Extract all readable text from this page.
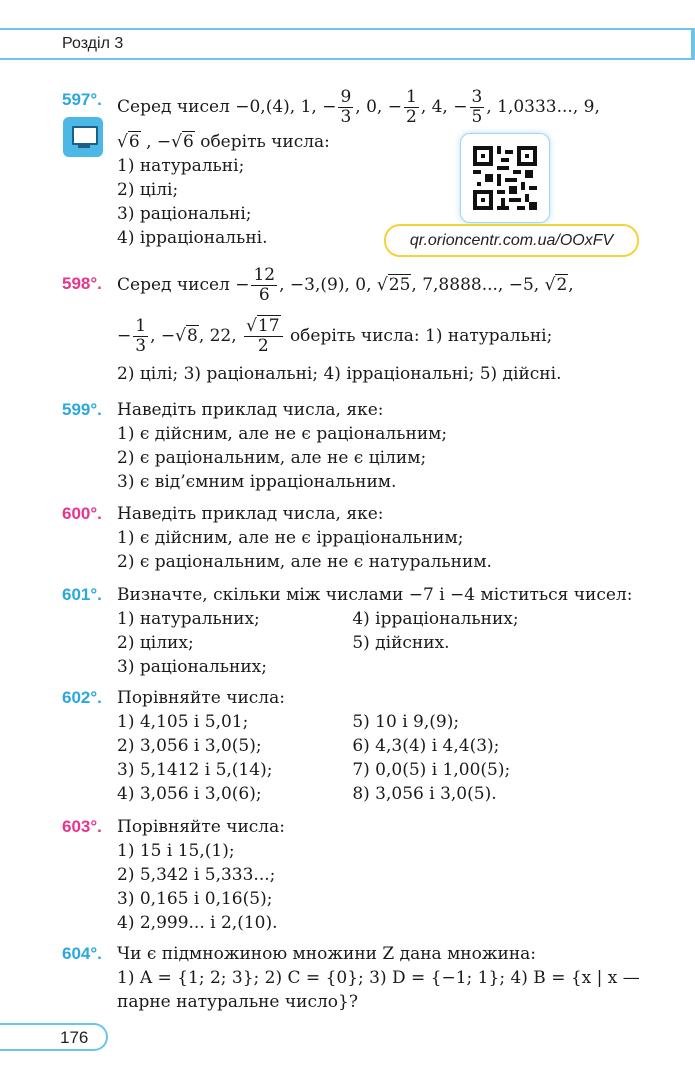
Розділ 3
qr.orioncentr.com.ua/OOxFV
597°. Серед чисел −0,(4), 1, − $\frac{9}{3}$ , 0, − $\frac{1}{2}$ , 4, − $\frac{3}{5}$ , 1,0333..., 9,
√6 , −√6 оберіть числа:
1) натуральні;
2) цілі;
3) раціональні;
4) ірраціональні.
598°. Серед чисел − $\frac{12}{6}$ , −3,(9), 0, √25, 7,8888..., −5, √2,
− $\frac{1}{3}$ , −√8, 22, $\frac{√17}{2}$ оберіть числа: 1) натуральні;
2) цілі; 3) раціональні; 4) ірраціональні; 5) дійсні.
599°. Наведіть приклад числа, яке:
1) є дійсним, але не є раціональним;
2) є раціональним, але не є цілим;
3) є від’ємним ірраціональним.
600°. Наведіть приклад числа, яке:
1) є дійсним, але не є ірраціональним;
2) є раціональним, але не є натуральним.
601°. Визначте, скільки між числами −7 і −4 міститься чисел:
1) натуральних;
2) цілих;
3) раціональних;
4) ірраціональних;
5) дійсних.
602°. Порівняйте числа:
1) 4,105 і 5,01;
2) 3,056 і 3,0(5);
3) 5,1412 і 5,(14);
4) 3,056 і 3,0(6);
5) 10 і 9,(9);
6) 4,3(4) і 4,4(3);
7) 0,0(5) і 1,00(5);
8) 3,056 і 3,0(5).
603°. Порівняйте числа:
1) 15 і 15,(1);
2) 5,342 і 5,333...;
3) 0,165 і 0,16(5);
4) 2,999... і 2,(10).
604°. Чи є підмножиною множини Z дана множина:
1) A = {1; 2; 3}; 2) C = {0}; 3) D = {−1; 1}; 4) B = {x | x —
парне натуральне число}?
176
